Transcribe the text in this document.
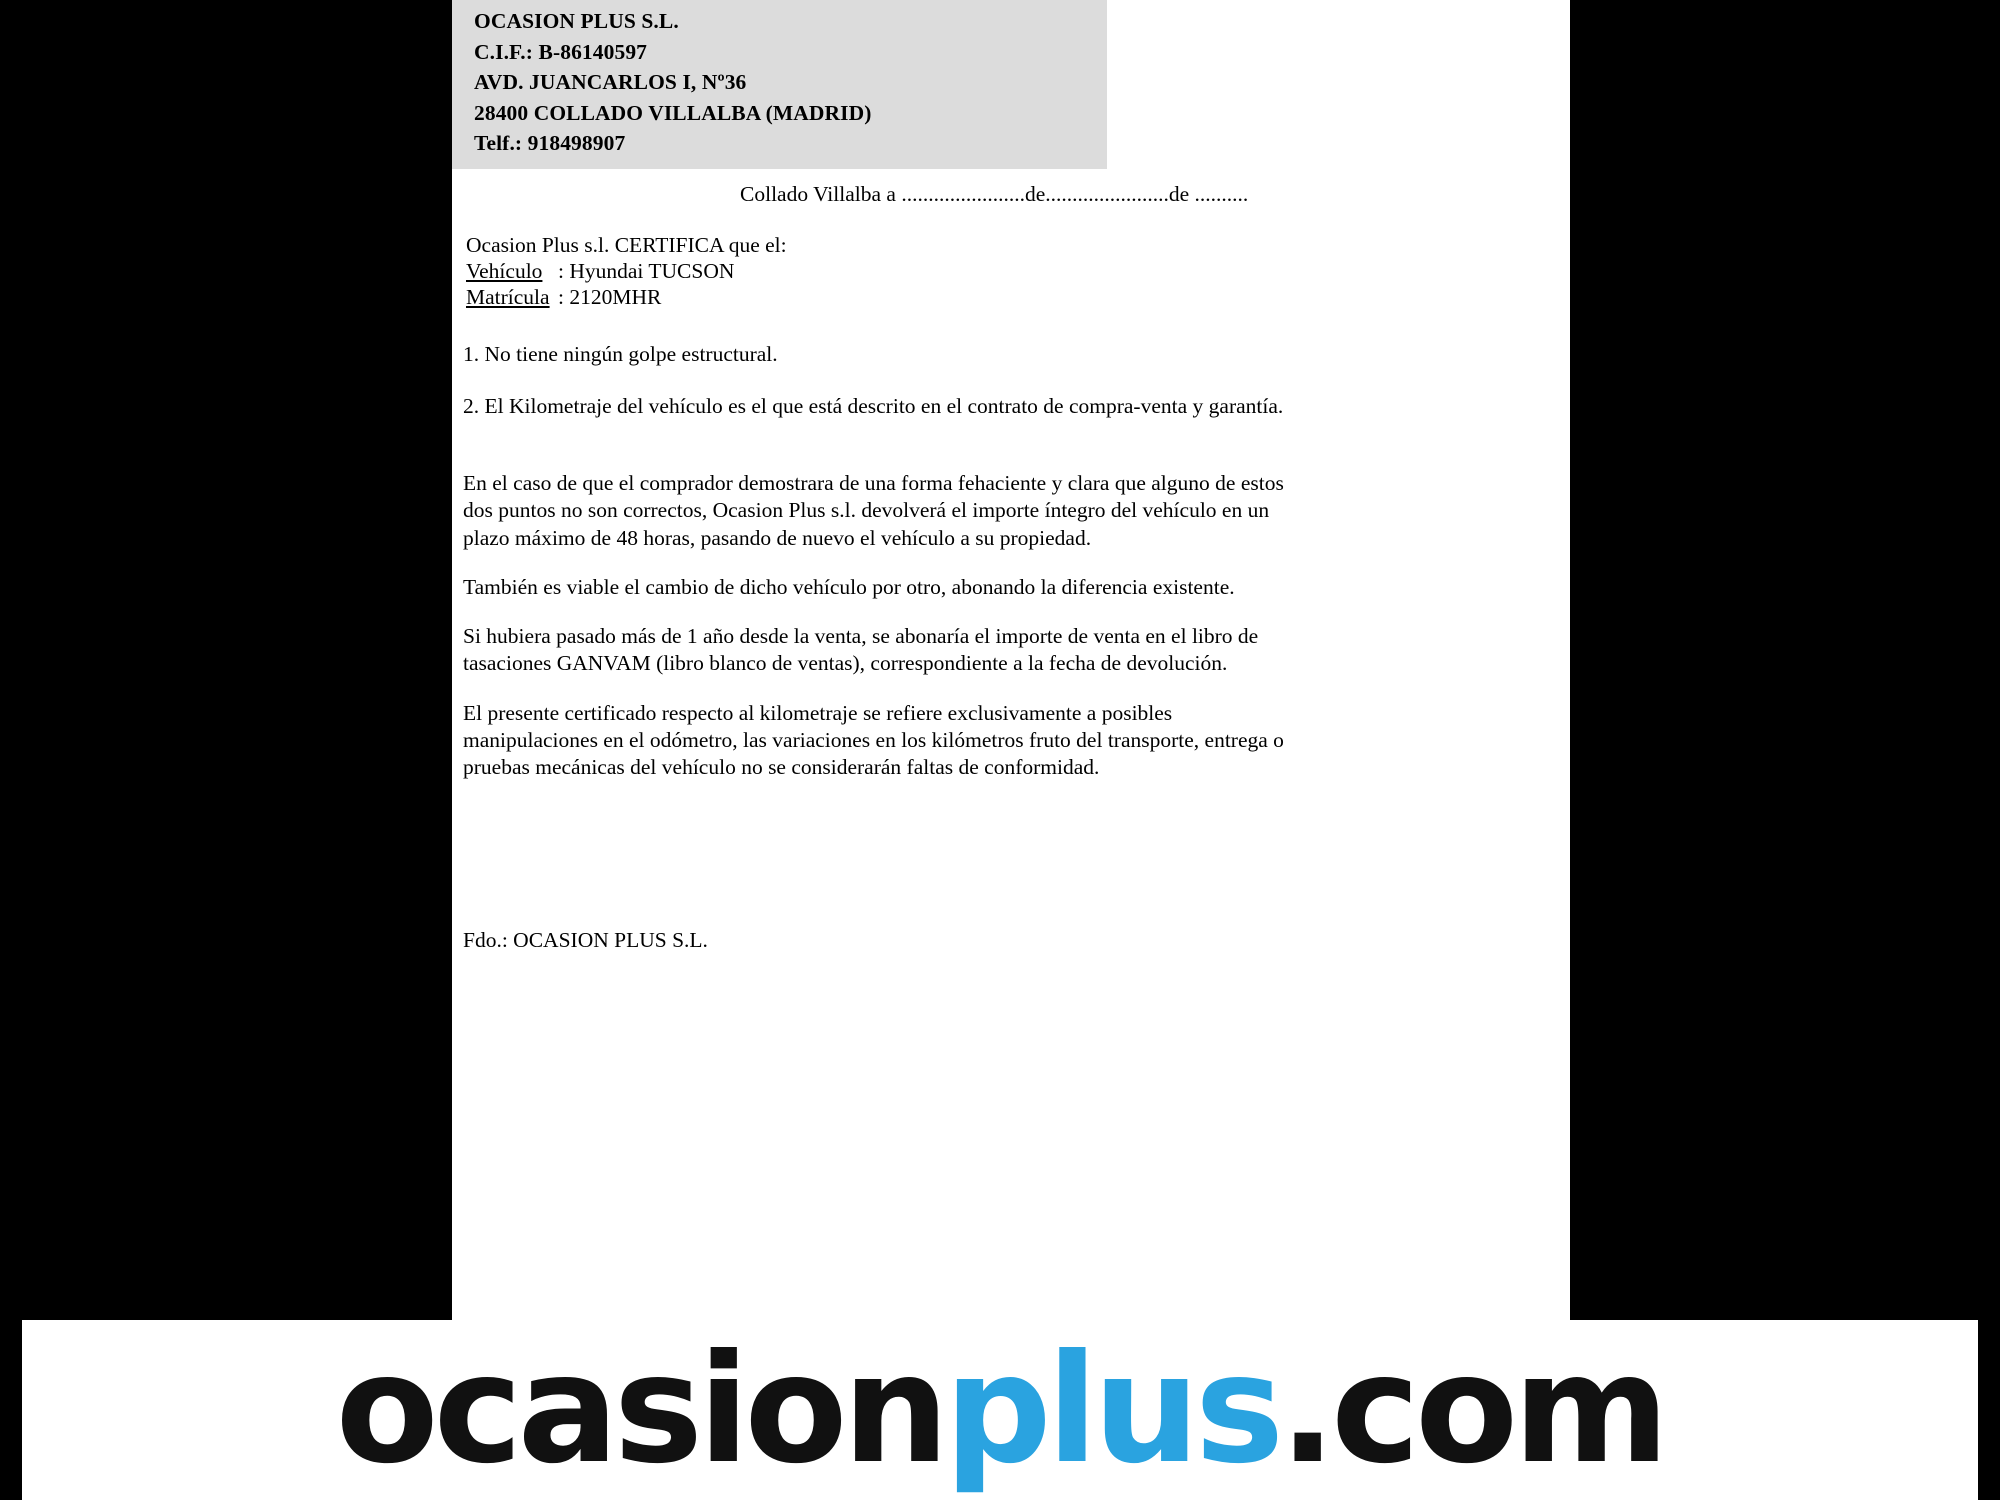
OCASION PLUS S.L.
C.I.F.: B-86140597
AVD. JUANCARLOS I, Nº36
28400 COLLADO VILLALBA (MADRID)
Telf.: 918498907
Collado Villalba a .......................de.......................de ..........
Ocasion Plus s.l. CERTIFICA que el:
Vehículo : Hyundai TUCSON
Matrícula : 2120MHR
1. No tiene ningún golpe estructural.
2. El Kilometraje del vehículo es el que está descrito en el contrato de compra-venta y garantía.
En el caso de que el comprador demostrara de una forma fehaciente y clara que alguno de estos dos puntos no son correctos, Ocasion Plus s.l. devolverá el importe íntegro del vehículo en un plazo máximo de 48 horas, pasando de nuevo el vehículo a su propiedad.
También es viable el cambio de dicho vehículo por otro, abonando la diferencia existente.
Si hubiera pasado más de 1 año desde la venta, se abonaría el importe de venta en el libro de tasaciones GANVAM (libro blanco de ventas), correspondiente a la fecha de devolución.
El presente certificado respecto al kilometraje se refiere exclusivamente a posibles manipulaciones en el odómetro, las variaciones en los kilómetros fruto del transporte, entrega o pruebas mecánicas del vehículo no se considerarán faltas de conformidad.
Fdo.: OCASION PLUS S.L.
ocasion plus .com
